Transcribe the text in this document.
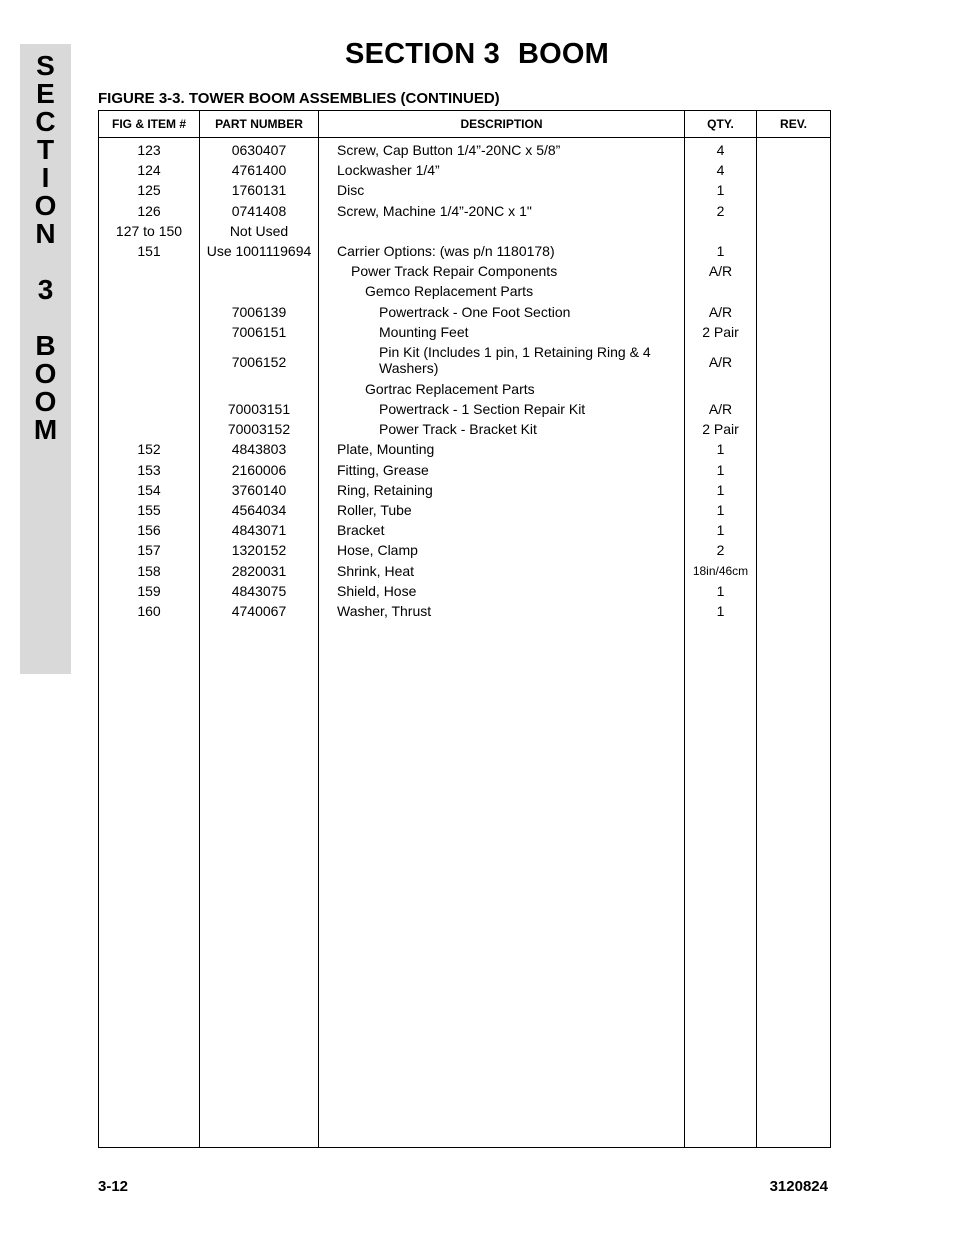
S
E
C
T
I
O
N
3
B
O
O
M
SECTION 3 BOOM
FIGURE 3-3. TOWER BOOM ASSEMBLIES (CONTINUED)
FIG & ITEM #	PART NUMBER	DESCRIPTION	QTY.	REV.
123	0630407	Screw, Cap Button 1/4”-20NC x 5/8”	4	
124	4761400	Lockwasher 1/4”	4	
125	1760131	Disc	1	
126	0741408	Screw, Machine 1/4”-20NC x 1"	2	
127 to 150	Not Used			
151	Use 1001119694	Carrier Options: (was p/n 1180178)	1	
		Power Track Repair Components	A/R	
		Gemco Replacement Parts		
	7006139	Powertrack - One Foot Section	A/R	
	7006151	Mounting Feet	2 Pair	
	7006152	Pin Kit (Includes 1 pin, 1 Retaining Ring & 4 Washers)	A/R	
		Gortrac Replacement Parts		
	70003151	Powertrack - 1 Section Repair Kit	A/R	
	70003152	Power Track - Bracket Kit	2 Pair	
152	4843803	Plate, Mounting	1	
153	2160006	Fitting, Grease	1	
154	3760140	Ring, Retaining	1	
155	4564034	Roller, Tube	1	
156	4843071	Bracket	1	
157	1320152	Hose, Clamp	2	
158	2820031	Shrink, Heat	18in/46cm	
159	4843075	Shield, Hose	1	
160	4740067	Washer, Thrust	1	

3-12	3120824
